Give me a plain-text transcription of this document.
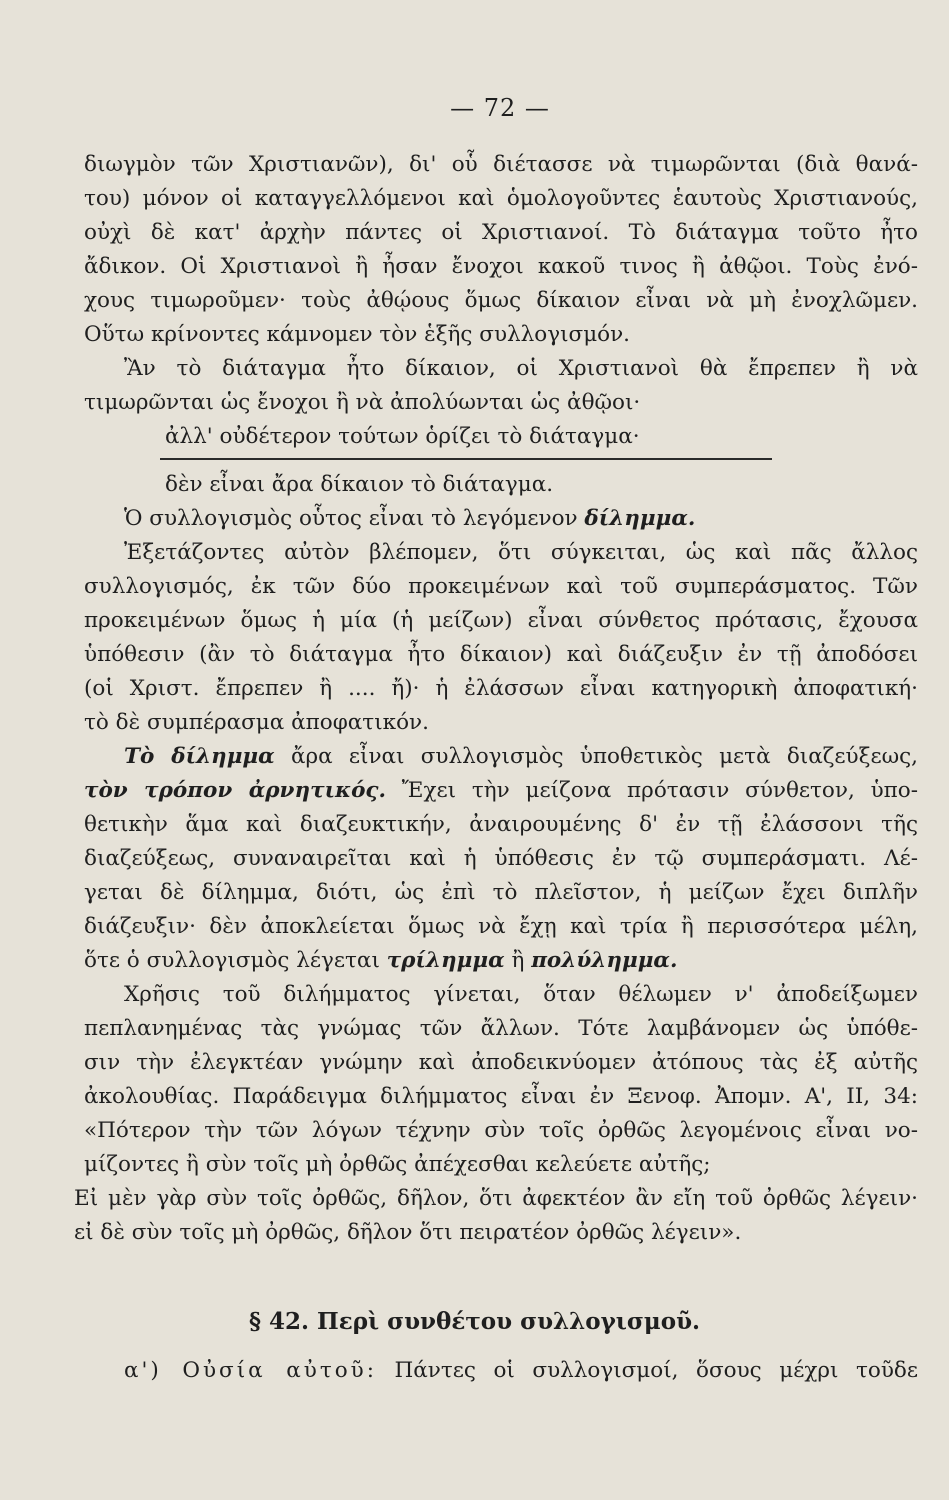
— 72 —
διωγμὸν τῶν Χριστιανῶν), δι' οὗ διέτασσε νὰ τιμωρῶνται (διὰ θανά-
του) μόνον οἱ καταγγελλόμενοι καὶ ὁμολογοῦντες ἑαυτοὺς Χριστιανούς,
οὐχὶ δὲ κατ' ἀρχὴν πάντες οἱ Χριστιανοί. Τὸ διάταγμα τοῦτο ἦτο
ἄδικον. Οἱ Χριστιανοὶ ἢ ἦσαν ἔνοχοι κακοῦ τινος ἢ ἀθῷοι. Τοὺς ἐνό-
χους τιμωροῦμεν· τοὺς ἀθῴους ὅμως δίκαιον εἶναι νὰ μὴ ἐνοχλῶμεν.
Οὕτω κρίνοντες κάμνομεν τὸν ἑξῆς συλλογισμόν.
Ἂν τὸ διάταγμα ἦτο δίκαιον, οἱ Χριστιανοὶ θὰ ἔπρεπεν ἢ νὰ
τιμωρῶνται ὡς ἔνοχοι ἢ νὰ ἀπολύωνται ὡς ἀθῷοι·
ἀλλ' οὐδέτερον τούτων ὁρίζει τὸ διάταγμα·
δὲν εἶναι ἄρα δίκαιον τὸ διάταγμα.
Ὁ συλλογισμὸς οὗτος εἶναι τὸ λεγόμενον δίλημμα.
Ἐξετάζοντες αὐτὸν βλέπομεν, ὅτι σύγκειται, ὡς καὶ πᾶς ἄλλος
συλλογισμός, ἐκ τῶν δύο προκειμένων καὶ τοῦ συμπεράσματος. Τῶν
προκειμένων ὅμως ἡ μία (ἡ μείζων) εἶναι σύνθετος πρότασις, ἔχουσα
ὑπόθεσιν (ἂν τὸ διάταγμα ἦτο δίκαιον) καὶ διάζευξιν ἐν τῇ ἀποδόσει
(οἱ Χριστ. ἔπρεπεν ἢ .... ἤ)· ἡ ἐλάσσων εἶναι κατηγορικὴ ἀποφατική·
τὸ δὲ συμπέρασμα ἀποφατικόν.
Τὸ δίλημμα ἄρα εἶναι συλλογισμὸς ὑποθετικὸς μετὰ διαζεύξεως,
τὸν τρόπον ἀρνητικός. Ἔχει τὴν μείζονα πρότασιν σύνθετον, ὑπο-
θετικὴν ἅμα καὶ διαζευκτικήν, ἀναιρουμένης δ' ἐν τῇ ἐλάσσονι τῆς
διαζεύξεως, συναναιρεῖται καὶ ἡ ὑπόθεσις ἐν τῷ συμπεράσματι. Λέ-
γεται δὲ δίλημμα, διότι, ὡς ἐπὶ τὸ πλεῖστον, ἡ μείζων ἔχει διπλῆν
διάζευξιν· δὲν ἀποκλείεται ὅμως νὰ ἔχῃ καὶ τρία ἢ περισσότερα μέλη,
ὅτε ὁ συλλογισμὸς λέγεται τρίλημμα ἢ πολύλημμα.
Χρῆσις τοῦ διλήμματος γίνεται, ὅταν θέλωμεν ν' ἀποδείξωμεν
πεπλανημένας τὰς γνώμας τῶν ἄλλων. Τότε λαμβάνομεν ὡς ὑπόθε-
σιν τὴν ἐλεγκτέαν γνώμην καὶ ἀποδεικνύομεν ἀτόπους τὰς ἐξ αὐτῆς
ἀκολουθίας. Παράδειγμα διλήμματος εἶναι ἐν Ξενοφ. Ἀπομν. Α', ΙΙ, 34:
«Πότερον τὴν τῶν λόγων τέχνην σὺν τοῖς ὀρθῶς λεγομένοις εἶναι νο-
μίζοντες ἢ σὺν τοῖς μὴ ὀρθῶς ἀπέχεσθαι κελεύετε αὐτῆς;
Εἰ μὲν γὰρ σὺν τοῖς ὀρθῶς, δῆλον, ὅτι ἀφεκτέον ἂν εἴη τοῦ ὀρθῶς λέγειν·
εἰ δὲ σὺν τοῖς μὴ ὀρθῶς, δῆλον ὅτι πειρατέον ὀρθῶς λέγειν».
§ 42. Περὶ συνθέτου συλλογισμοῦ.
α') Οὐσία αὐτοῦ: Πάντες οἱ συλλογισμοί, ὅσους μέχρι τοῦδε
